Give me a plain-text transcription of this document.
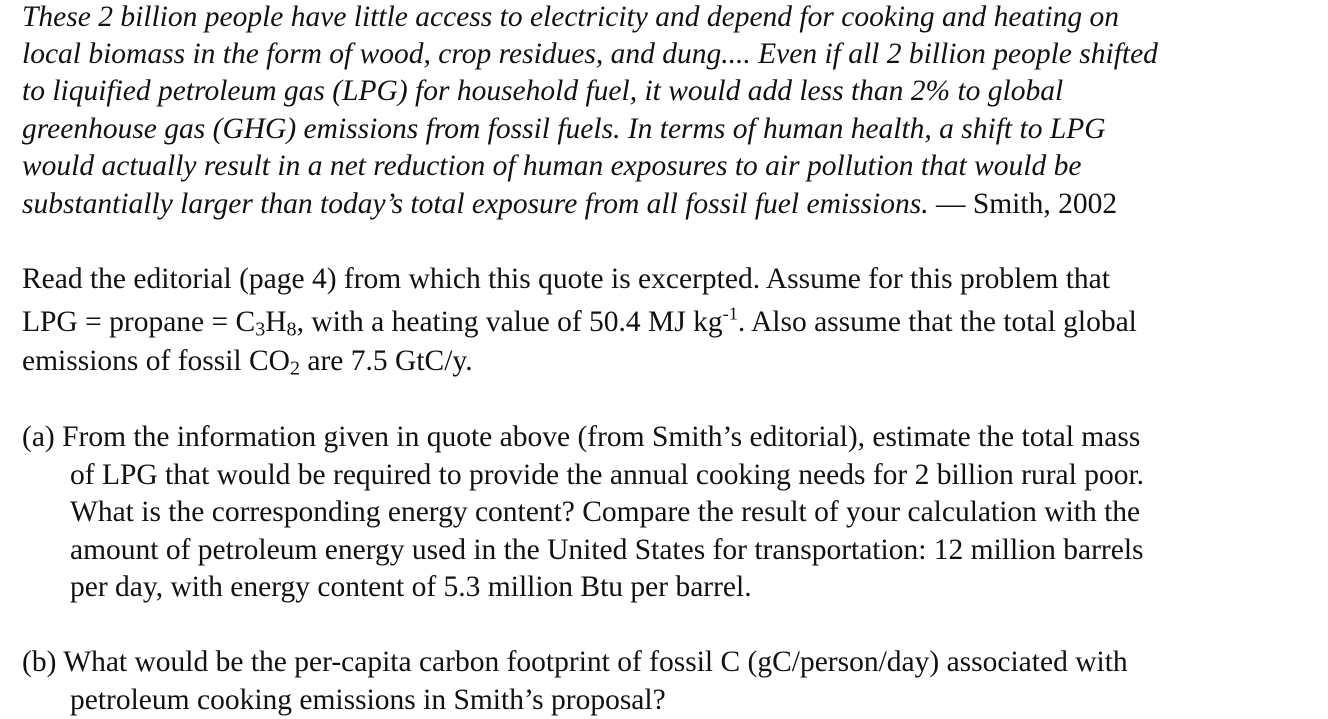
These 2 billion people have little access to electricity and depend for cooking and heating on
local biomass in the form of wood, crop residues, and dung.... Even if all 2 billion people shifted
to liquified petroleum gas (LPG) for household fuel, it would add less than 2% to global
greenhouse gas (GHG) emissions from fossil fuels. In terms of human health, a shift to LPG
would actually result in a net reduction of human exposures to air pollution that would be
substantially larger than today’s total exposure from all fossil fuel emissions. — Smith, 2002
Read the editorial (page 4) from which this quote is excerpted. Assume for this problem that
LPG = propane = $C_3H_8$, with a heating value of 50.4 MJ $kg^{-1}$. Also assume that the total global
emissions of fossil $CO_2$ are 7.5 GtC/y.
(a) From the information given in quote above (from Smith’s editorial), estimate the total mass
of LPG that would be required to provide the annual cooking needs for 2 billion rural poor.
What is the corresponding energy content? Compare the result of your calculation with the
amount of petroleum energy used in the United States for transportation: 12 million barrels
per day, with energy content of 5.3 million Btu per barrel.
(b) What would be the per-capita carbon footprint of fossil C (gC/person/day) associated with
petroleum cooking emissions in Smith’s proposal?
